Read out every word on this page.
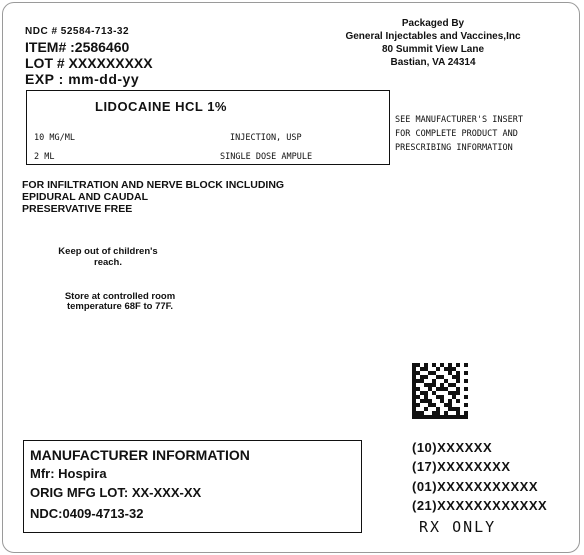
NDC # 52584-713-32
ITEM# :2586460
LOT # XXXXXXXXX
EXP : mm-dd-yy
Packaged By
General Injectables and Vaccines,Inc
80 Summit View Lane
Bastian, VA 24314
LIDOCAINE HCL 1%
10 MG/ML	INJECTION, USP
2 ML	SINGLE DOSE AMPULE
SEE MANUFACTURER'S INSERT
FOR COMPLETE PRODUCT AND
PRESCRIBING INFORMATION
FOR INFILTRATION AND NERVE BLOCK INCLUDING
EPIDURAL AND CAUDAL
PRESERVATIVE FREE
Keep out of children's reach.
Store at controlled room temperature 68F to 77F.
(10)XXXXXX
(17)XXXXXXXX
(01)XXXXXXXXXXX
(21)XXXXXXXXXXXX
RX ONLY
MANUFACTURER INFORMATION
Mfr: Hospira
ORIG MFG LOT: XX-XXX-XX
NDC:0409-4713-32
